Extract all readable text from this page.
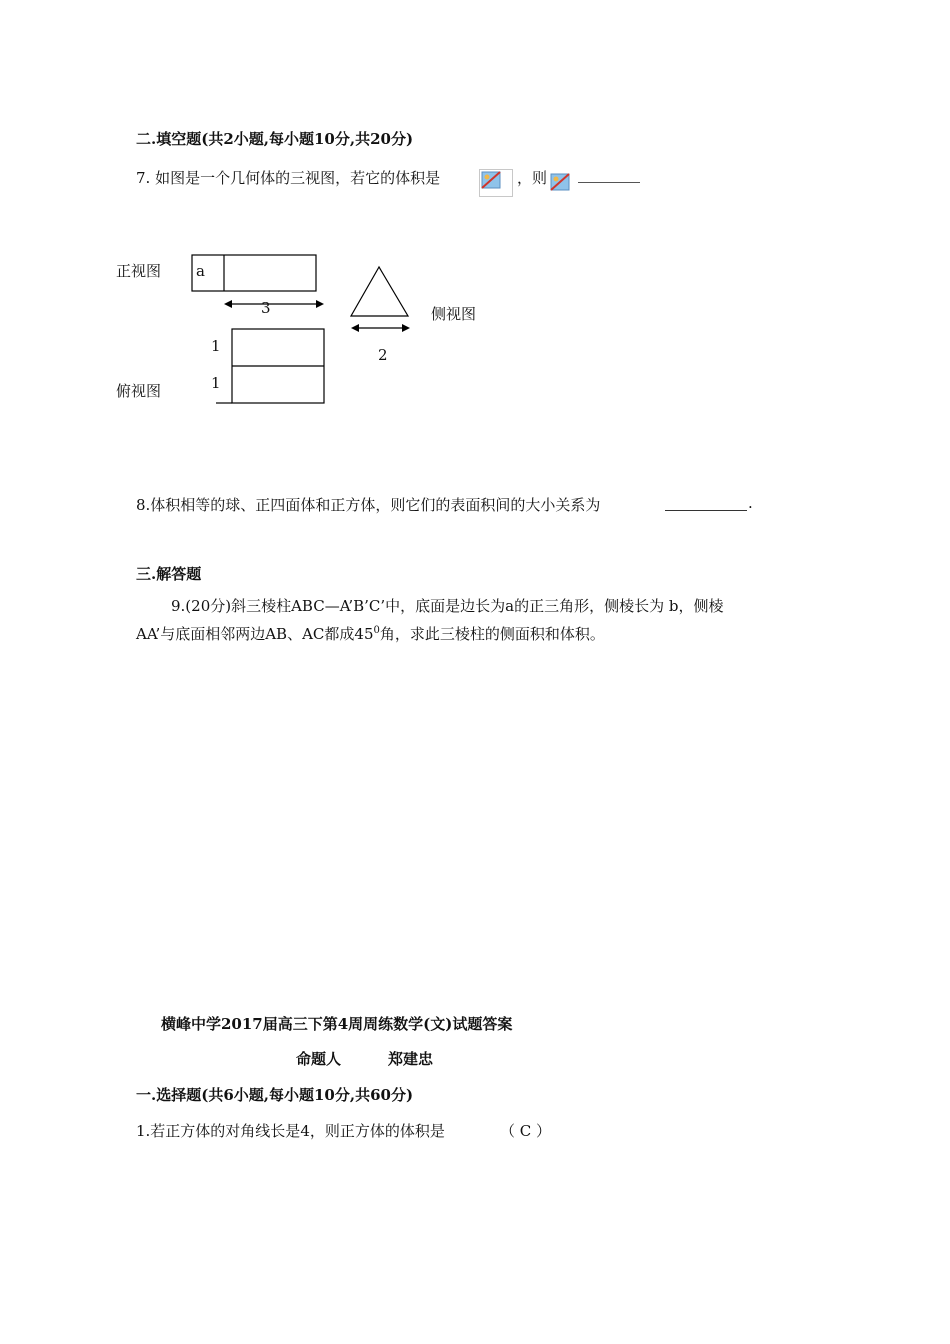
二.填空题(共2小题,每小题10分,共20分)
7. 如图是一个几何体的三视图，若它的体积是	，则
正视图 a
3	侧视图
2
1
1
俯视图
8.体积相等的球、正四面体和正方体，则它们的表面积间的大小关系为	.
三.解答题
9.(20分)斜三棱柱ABC—A’B’C’中，底面是边长为a的正三角形，侧棱长为 b，侧棱
AA’与底面相邻两边AB、AC都成$45^0$角，求此三棱柱的侧面积和体积。
横峰中学2017届高三下第4周周练数学(文)试题答案
命题人	郑建忠
一.选择题(共6小题,每小题10分,共60分)
1.若正方体的对角线长是4，则正方体的体积是	（ C ）
